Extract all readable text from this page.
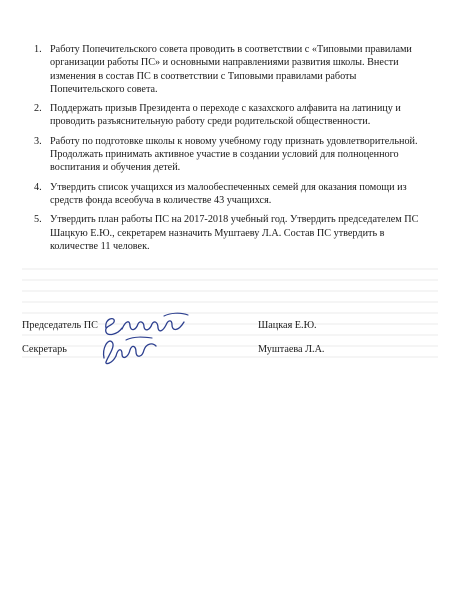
1. Работу Попечительского совета проводить в соответствии с «Типовыми правилами организации работы ПС» и основными направлениями развития школы. Внести изменения в состав ПС в соответствии с Типовыми правилами работы Попечительского совета.
2. Поддержать призыв Президента о переходе с казахского алфавита на латиницу и проводить разъяснительную работу среди родительской общественности.
3. Работу по подготовке школы к новому учебному году признать удовлетворительной. Продолжать принимать активное участие в создании условий для полноценного воспитания и обучения детей.
4. Утвердить список учащихся из малообеспеченных семей для оказания помощи из средств фонда всеобуча в количестве 43 учащихся.
5. Утвердить план работы ПС на 2017-2018 учебный год. Утвердить председателем ПС Шацкую Е.Ю., секретарем назначить Муштаеву Л.А. Состав ПС утвердить в количестве 11 человек.
Председатель ПС	Шацкая Е.Ю.
Секретарь	Муштаева Л.А.
